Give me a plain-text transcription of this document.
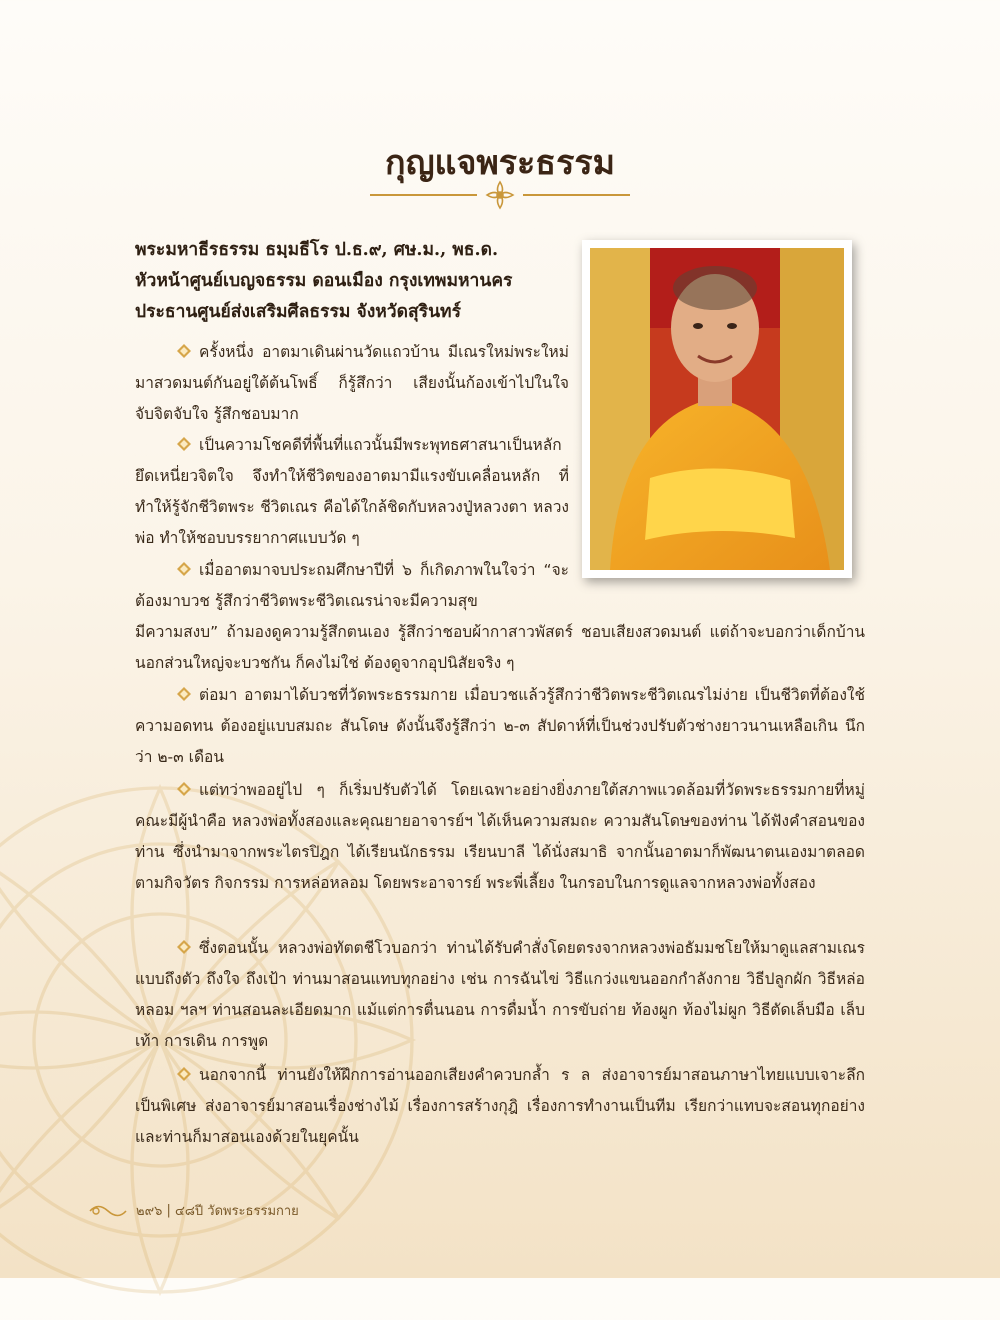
กุญแจพระธรรม
พระมหาธีรธรรม ธมฺมธีโร ป.ธ.๙, ศษ.ม., พธ.ด.
หัวหน้าศูนย์เบญจธรรม ดอนเมือง กรุงเทพมหานคร
ประธานศูนย์ส่งเสริมศีลธรรม จังหวัดสุรินทร์
ครั้งหนึ่ง อาตมาเดินผ่านวัดแถวบ้าน มีเณรใหม่พระใหม่มาสวดมนต์กันอยู่ใต้ต้นโพธิ์ ก็รู้สึกว่า เสียงนั้นก้องเข้าไปในใจ จับจิตจับใจ รู้สึกชอบมาก
เป็นความโชคดีที่พื้นที่แถวนั้นมีพระพุทธศาสนาเป็นหลักยึดเหนี่ยวจิตใจ จึงทำให้ชีวิตของอาตมามีแรงขับเคลื่อนหลัก ที่ทำให้รู้จักชีวิตพระ ชีวิตเณร คือได้ใกล้ชิดกับหลวงปู่หลวงตา หลวงพ่อ ทำให้ชอบบรรยากาศแบบวัด ๆ
เมื่ออาตมาจบประถมศึกษาปีที่ ๖ ก็เกิดภาพในใจว่า “จะต้องมาบวช รู้สึกว่าชีวิตพระชีวิตเณรน่าจะมีความสุข
มีความสงบ” ถ้ามองดูความรู้สึกตนเอง รู้สึกว่าชอบผ้ากาสาวพัสตร์ ชอบเสียงสวดมนต์ แต่ถ้าจะบอกว่าเด็กบ้านนอกส่วนใหญ่จะบวชกัน ก็คงไม่ใช่ ต้องดูจากอุปนิสัยจริง ๆ
ต่อมา อาตมาได้บวชที่วัดพระธรรมกาย เมื่อบวชแล้วรู้สึกว่าชีวิตพระชีวิตเณรไม่ง่าย เป็นชีวิตที่ต้องใช้ความอดทน ต้องอยู่แบบสมถะ สันโดษ ดังนั้นจึงรู้สึกว่า ๒-๓ สัปดาห์ที่เป็นช่วงปรับตัวช่างยาวนานเหลือเกิน นึกว่า ๒-๓ เดือน
แต่ทว่าพออยู่ไป ๆ ก็เริ่มปรับตัวได้ โดยเฉพาะอย่างยิ่งภายใต้สภาพแวดล้อมที่วัดพระธรรมกายที่หมู่คณะมีผู้นำคือ หลวงพ่อทั้งสองและคุณยายอาจารย์ฯ ได้เห็นความสมถะ ความสันโดษของท่าน ได้ฟังคำสอนของท่าน ซึ่งนำมาจากพระไตรปิฎก ได้เรียนนักธรรม เรียนบาลี ได้นั่งสมาธิ จากนั้นอาตมาก็พัฒนาตนเองมาตลอด ตามกิจวัตร กิจกรรม การหล่อหลอม โดยพระอาจารย์ พระพี่เลี้ยง ในกรอบในการดูแลจากหลวงพ่อทั้งสอง
ซึ่งตอนนั้น หลวงพ่อทัตตชีโวบอกว่า ท่านได้รับคำสั่งโดยตรงจากหลวงพ่อธัมมชโยให้มาดูแลสามเณรแบบถึงตัว ถึงใจ ถึงเป้า ท่านมาสอนแทบทุกอย่าง เช่น การฉันไข่ วิธีแกว่งแขนออกกำลังกาย วิธีปลูกผัก วิธีหล่อหลอม ฯลฯ ท่านสอนละเอียดมาก แม้แต่การตื่นนอน การดื่มน้ำ การขับถ่าย ท้องผูก ท้องไม่ผูก วิธีตัดเล็บมือ เล็บเท้า การเดิน การพูด
นอกจากนี้ ท่านยังให้ฝึกการอ่านออกเสียงคำควบกล้ำ ร ล ส่งอาจารย์มาสอนภาษาไทยแบบเจาะลึกเป็นพิเศษ ส่งอาจารย์มาสอนเรื่องช่างไม้ เรื่องการสร้างกุฎิ เรื่องการทำงานเป็นทีม เรียกว่าแทบจะสอนทุกอย่าง และท่านก็มาสอนเองด้วยในยุคนั้น
๒๙๖
|
๔๘ปี วัดพระธรรมกาย
